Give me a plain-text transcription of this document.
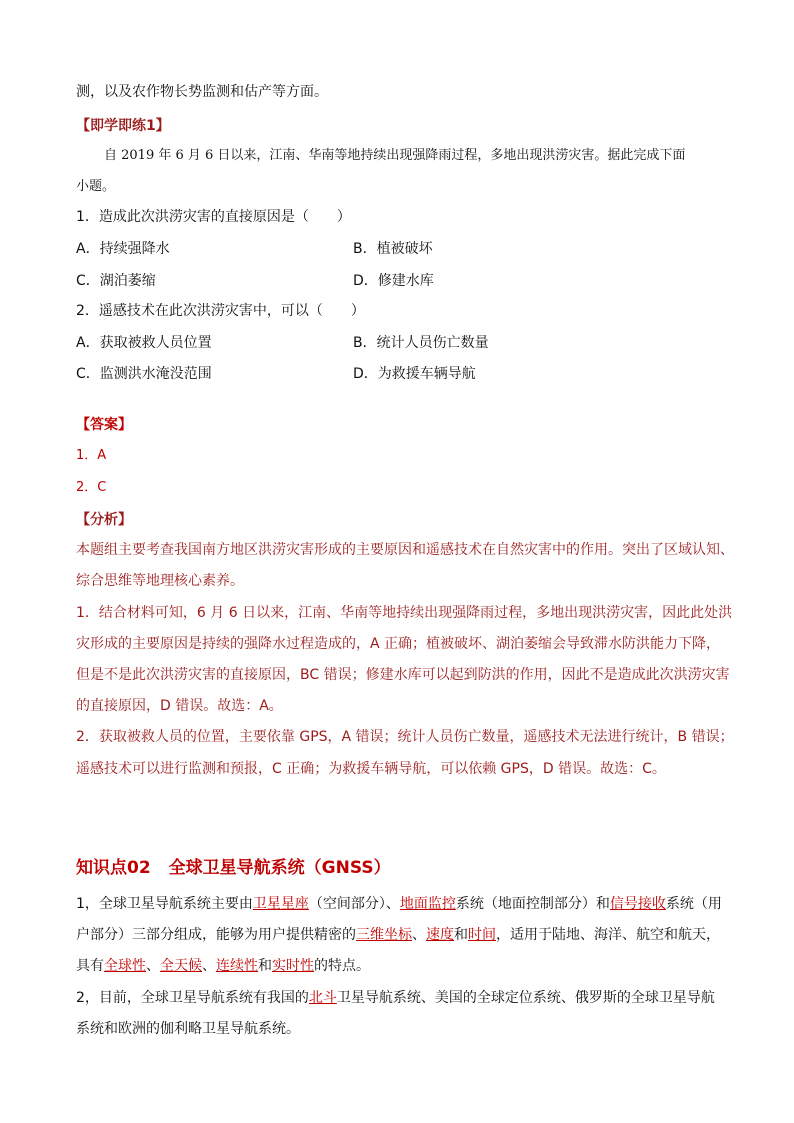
测，以及农作物长势监测和估产等方面。
【即学即练1】
自 2019 年 6 月 6 日以来，江南、华南等地持续出现强降雨过程，多地出现洪涝灾害。据此完成下面
小题。
1．造成此次洪涝灾害的直接原因是（　　）
A．持续强降水	B．植被破坏
C．湖泊萎缩	D．修建水库
2．遥感技术在此次洪涝灾害中，可以（　　）
A．获取被救人员位置	B．统计人员伤亡数量
C．监测洪水淹没范围	D．为救援车辆导航
【答案】
1．A
2．C
【分析】
本题组主要考查我国南方地区洪涝灾害形成的主要原因和遥感技术在自然灾害中的作用。突出了区域认知、
综合思维等地理核心素养。
1．结合材料可知，6 月 6 日以来，江南、华南等地持续出现强降雨过程，多地出现洪涝灾害，因此此处洪
灾形成的主要原因是持续的强降水过程造成的，A 正确；植被破坏、湖泊萎缩会导致滞水防洪能力下降，
但是不是此次洪涝灾害的直接原因，BC 错误；修建水库可以起到防洪的作用，因此不是造成此次洪涝灾害
的直接原因，D 错误。故选：A。
2．获取被救人员的位置，主要依靠 GPS，A 错误；统计人员伤亡数量，遥感技术无法进行统计，B 错误；
遥感技术可以进行监测和预报，C 正确；为救援车辆导航，可以依赖 GPS，D 错误。故选：C。
知识点02 全球卫星导航系统（GNSS）
1，全球卫星导航系统主要由卫星星座（空间部分）、地面监控系统（地面控制部分）和信号接收系统（用户部分）三部分组成，能够为用户提供精密的三维坐标、速度和时间，适用于陆地、海洋、航空和航天，具有全球性、全天候、连续性和实时性的特点。
2，目前，全球卫星导航系统有我国的北斗卫星导航系统、美国的全球定位系统、俄罗斯的全球卫星导航系统和欧洲的伽利略卫星导航系统。
